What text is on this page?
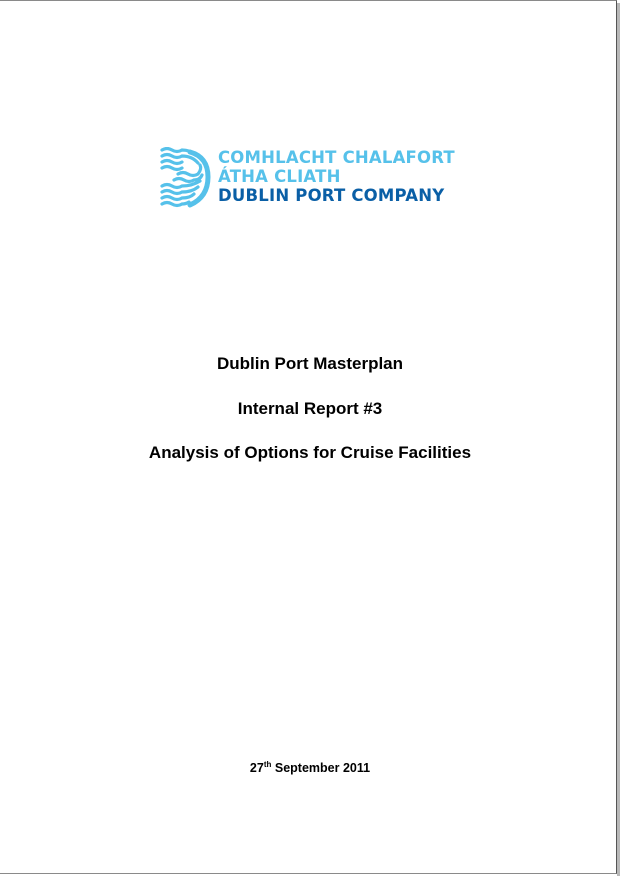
COMHLACHT CHALAFORT
ÁTHA CLIATH
DUBLIN PORT COMPANY
Dublin Port Masterplan
Internal Report #3
Analysis of Options for Cruise Facilities
27th September 2011
